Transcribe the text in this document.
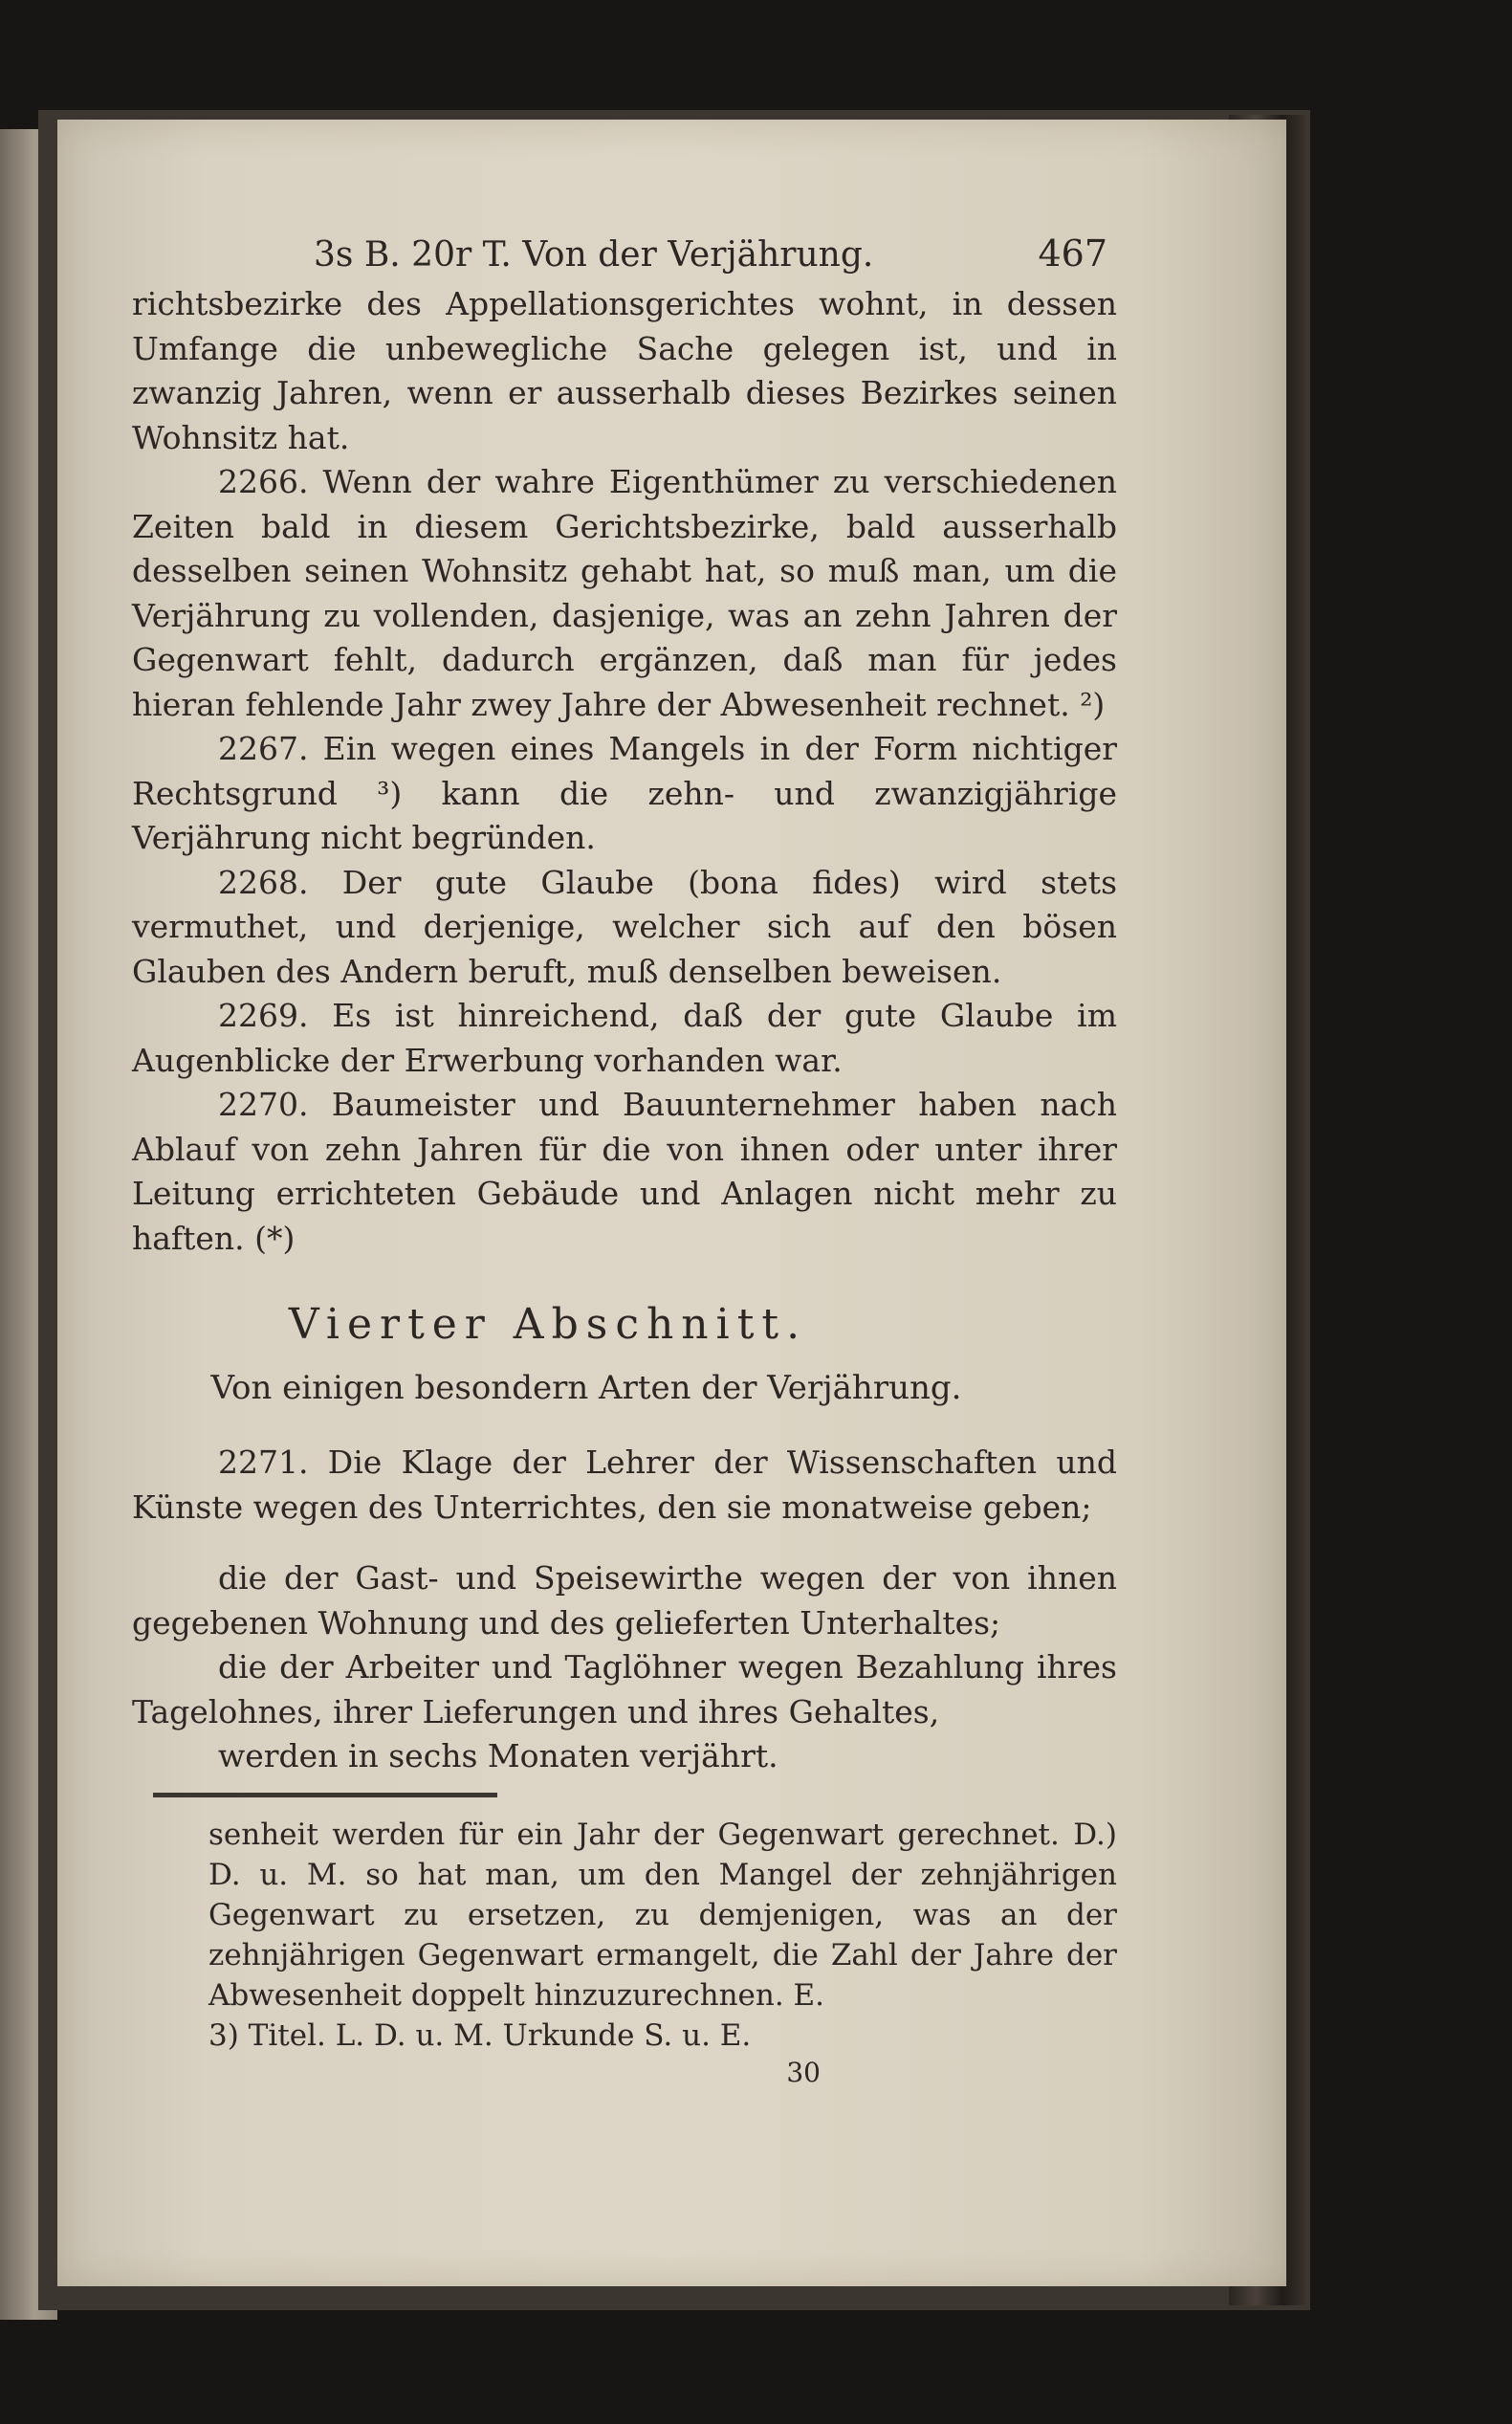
3s B. 20r T. Von der Verjährung.	467

richtsbezirke des Appellationsgerichtes wohnt, in dessen Umfange die unbewegliche Sache gelegen ist, und in zwanzig Jahren, wenn er ausserhalb dieses Bezirkes seinen Wohnsitz hat.

2266. Wenn der wahre Eigenthümer zu verschiedenen Zeiten bald in diesem Gerichtsbezirke, bald ausserhalb desselben seinen Wohnsitz gehabt hat, so muß man, um die Verjährung zu vollenden, dasjenige, was an zehn Jahren der Gegenwart fehlt, dadurch ergänzen, daß man für jedes hieran fehlende Jahr zwey Jahre der Abwesenheit rechnet. ²)

2267. Ein wegen eines Mangels in der Form nichtiger Rechtsgrund ³) kann die zehn- und zwanzigjährige Verjährung nicht begründen.

2268. Der gute Glaube (bona fides) wird stets vermuthet, und derjenige, welcher sich auf den bösen Glauben des Andern beruft, muß denselben beweisen.

2269. Es ist hinreichend, daß der gute Glaube im Augenblicke der Erwerbung vorhanden war.

2270. Baumeister und Bauunternehmer haben nach Ablauf von zehn Jahren für die von ihnen oder unter ihrer Leitung errichteten Gebäude und Anlagen nicht mehr zu haften. (*)

Vierter Abschnitt.
Von einigen besondern Arten der Verjährung.

2271. Die Klage der Lehrer der Wissenschaften und Künste wegen des Unterrichtes, den sie monatweise geben;

die der Gast- und Speisewirthe wegen der von ihnen gegebenen Wohnung und des gelieferten Unterhaltes;

die der Arbeiter und Taglöhner wegen Bezahlung ihres Tagelohnes, ihrer Lieferungen und ihres Gehaltes,

werden in sechs Monaten verjährt.

senheit werden für ein Jahr der Gegenwart gerechnet. D.) D. u. M. so hat man, um den Mangel der zehnjährigen Gegenwart zu ersetzen, zu demjenigen, was an der zehnjährigen Gegenwart ermangelt, die Zahl der Jahre der Abwesenheit doppelt hinzuzurechnen. E.

3) Titel. L. D. u. M. Urkunde S. u. E.

30
